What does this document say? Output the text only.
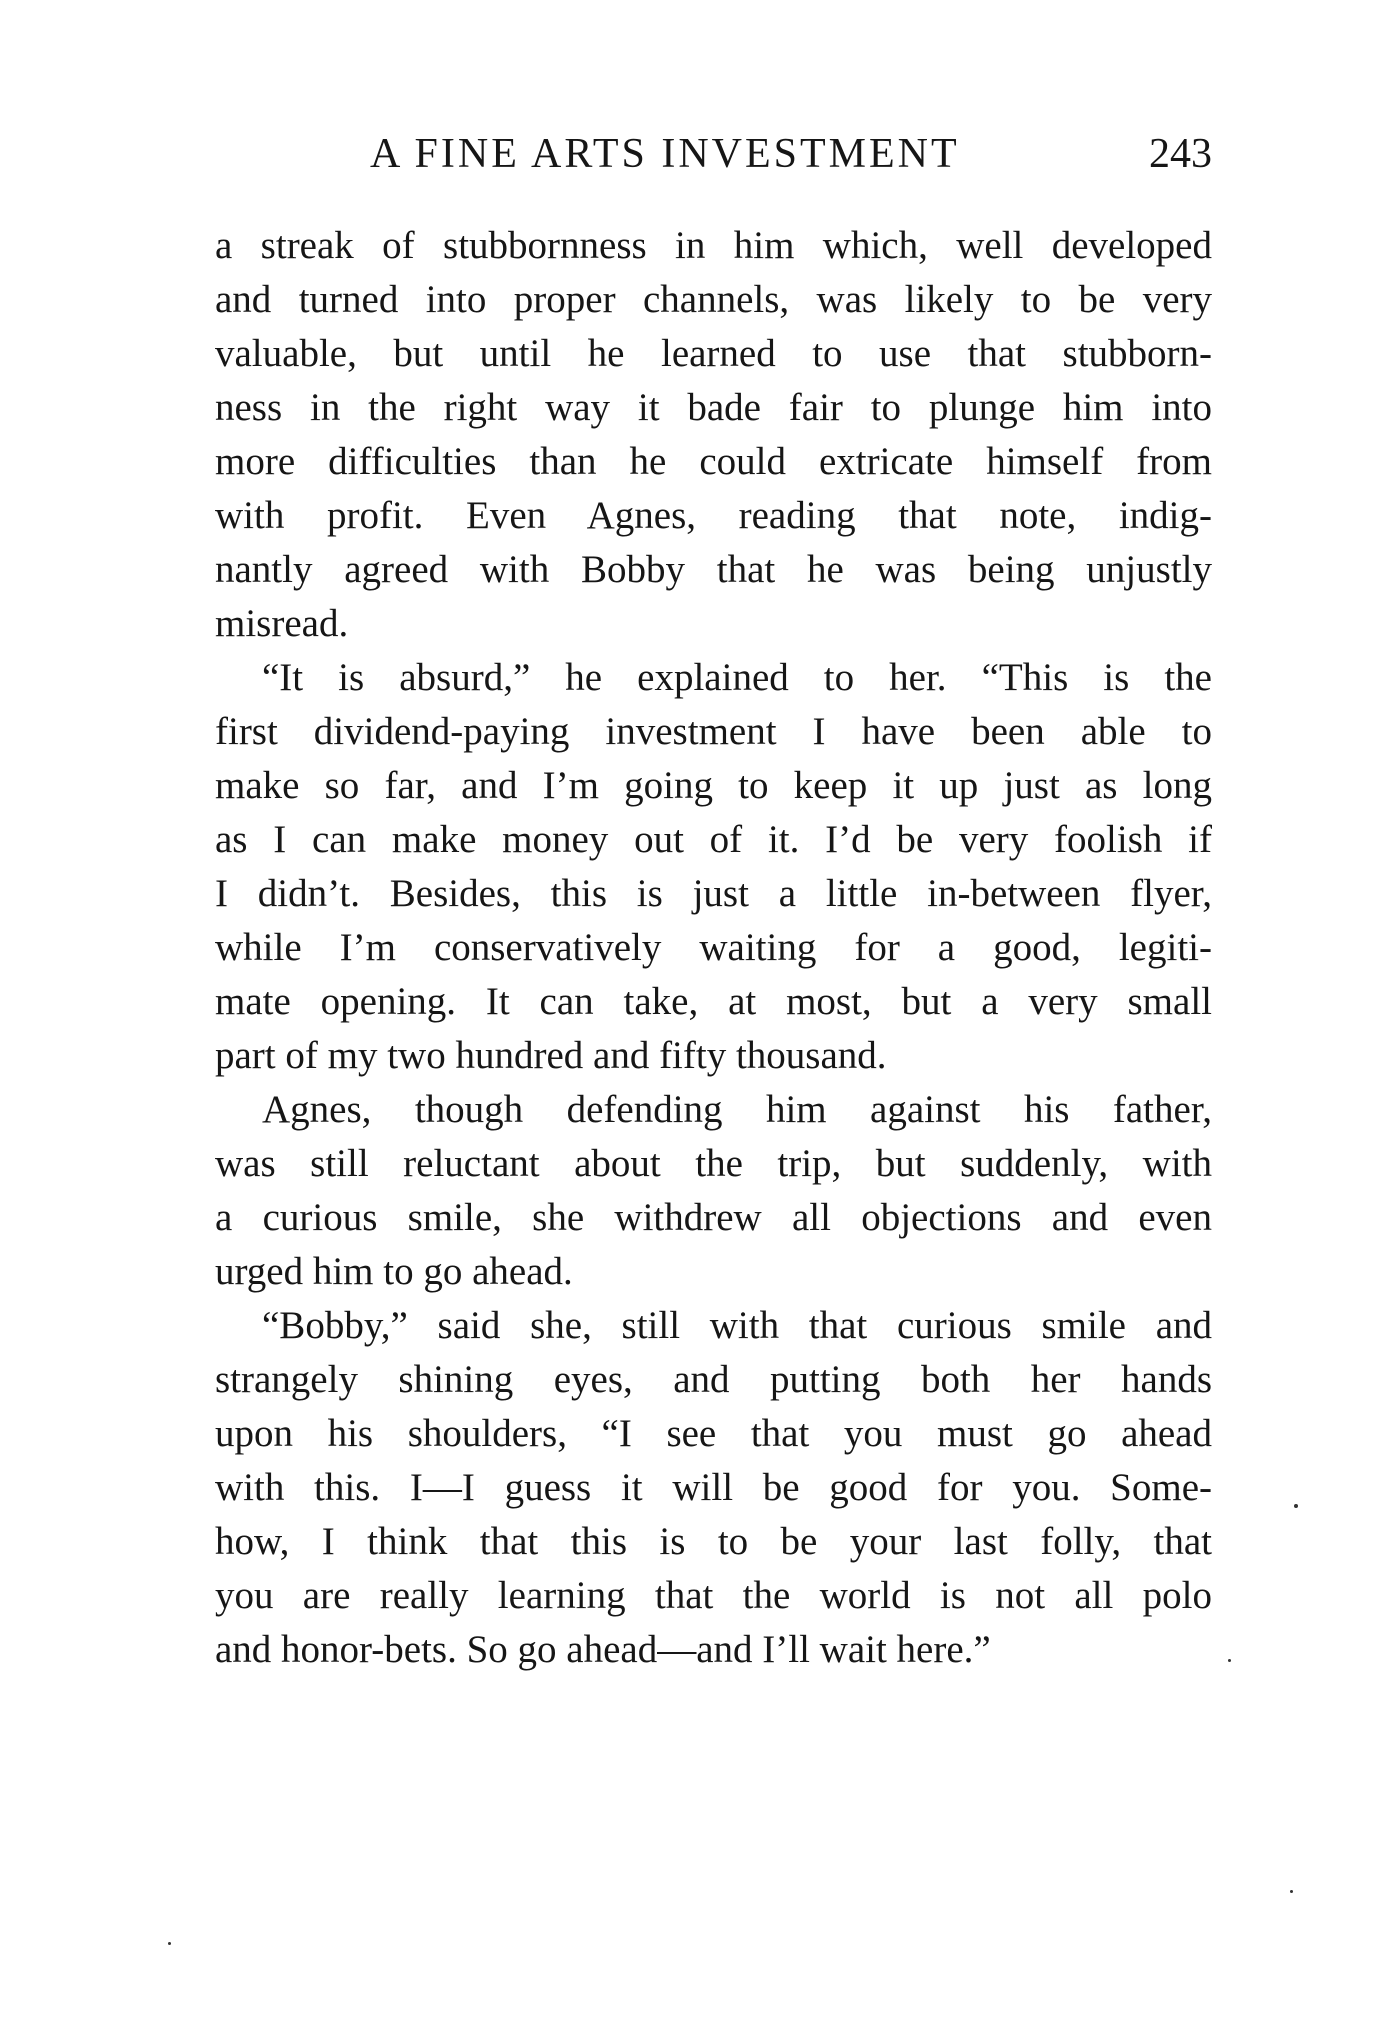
A FINE ARTS INVESTMENT	243
a streak of stubbornness in him which, well developed
and turned into proper channels, was likely to be very
valuable, but until he learned to use that stubborn-
ness in the right way it bade fair to plunge him into
more difficulties than he could extricate himself from
with profit. Even Agnes, reading that note, indig-
nantly agreed with Bobby that he was being unjustly
misread.
“It is absurd,” he explained to her. “This is the
first dividend-paying investment I have been able to
make so far, and I’m going to keep it up just as long
as I can make money out of it. I’d be very foolish if
I didn’t. Besides, this is just a little in-between flyer,
while I’m conservatively waiting for a good, legiti-
mate opening. It can take, at most, but a very small
part of my two hundred and fifty thousand.
Agnes, though defending him against his father,
was still reluctant about the trip, but suddenly, with
a curious smile, she withdrew all objections and even
urged him to go ahead.
“Bobby,” said she, still with that curious smile and
strangely shining eyes, and putting both her hands
upon his shoulders, “I see that you must go ahead
with this. I—I guess it will be good for you. Some-
how, I think that this is to be your last folly, that
you are really learning that the world is not all polo
and honor-bets. So go ahead—and I’ll wait here.”
